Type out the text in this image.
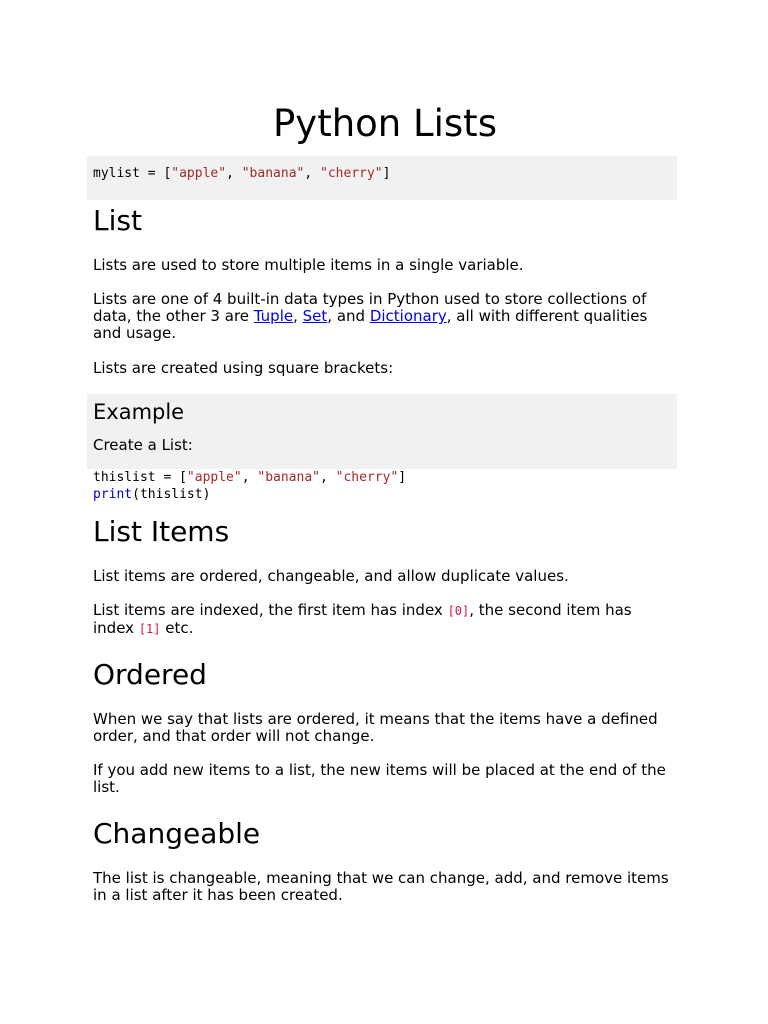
Python Lists
mylist = ["apple", "banana", "cherry"]
List

Lists are used to store multiple items in a single variable.

Lists are one of 4 built-in data types in Python used to store collections of data, the other 3 are Tuple, Set, and Dictionary, all with different qualities and usage.

Lists are created using square brackets:

Example

Create a List:

thislist = ["apple", "banana", "cherry"]
print(thislist)
List Items

List items are ordered, changeable, and allow duplicate values.

List items are indexed, the first item has index [0], the second item has index [1] etc.

Ordered

When we say that lists are ordered, it means that the items have a defined order, and that order will not change.

If you add new items to a list, the new items will be placed at the end of the list.

Changeable

The list is changeable, meaning that we can change, add, and remove items in a list after it has been created.
